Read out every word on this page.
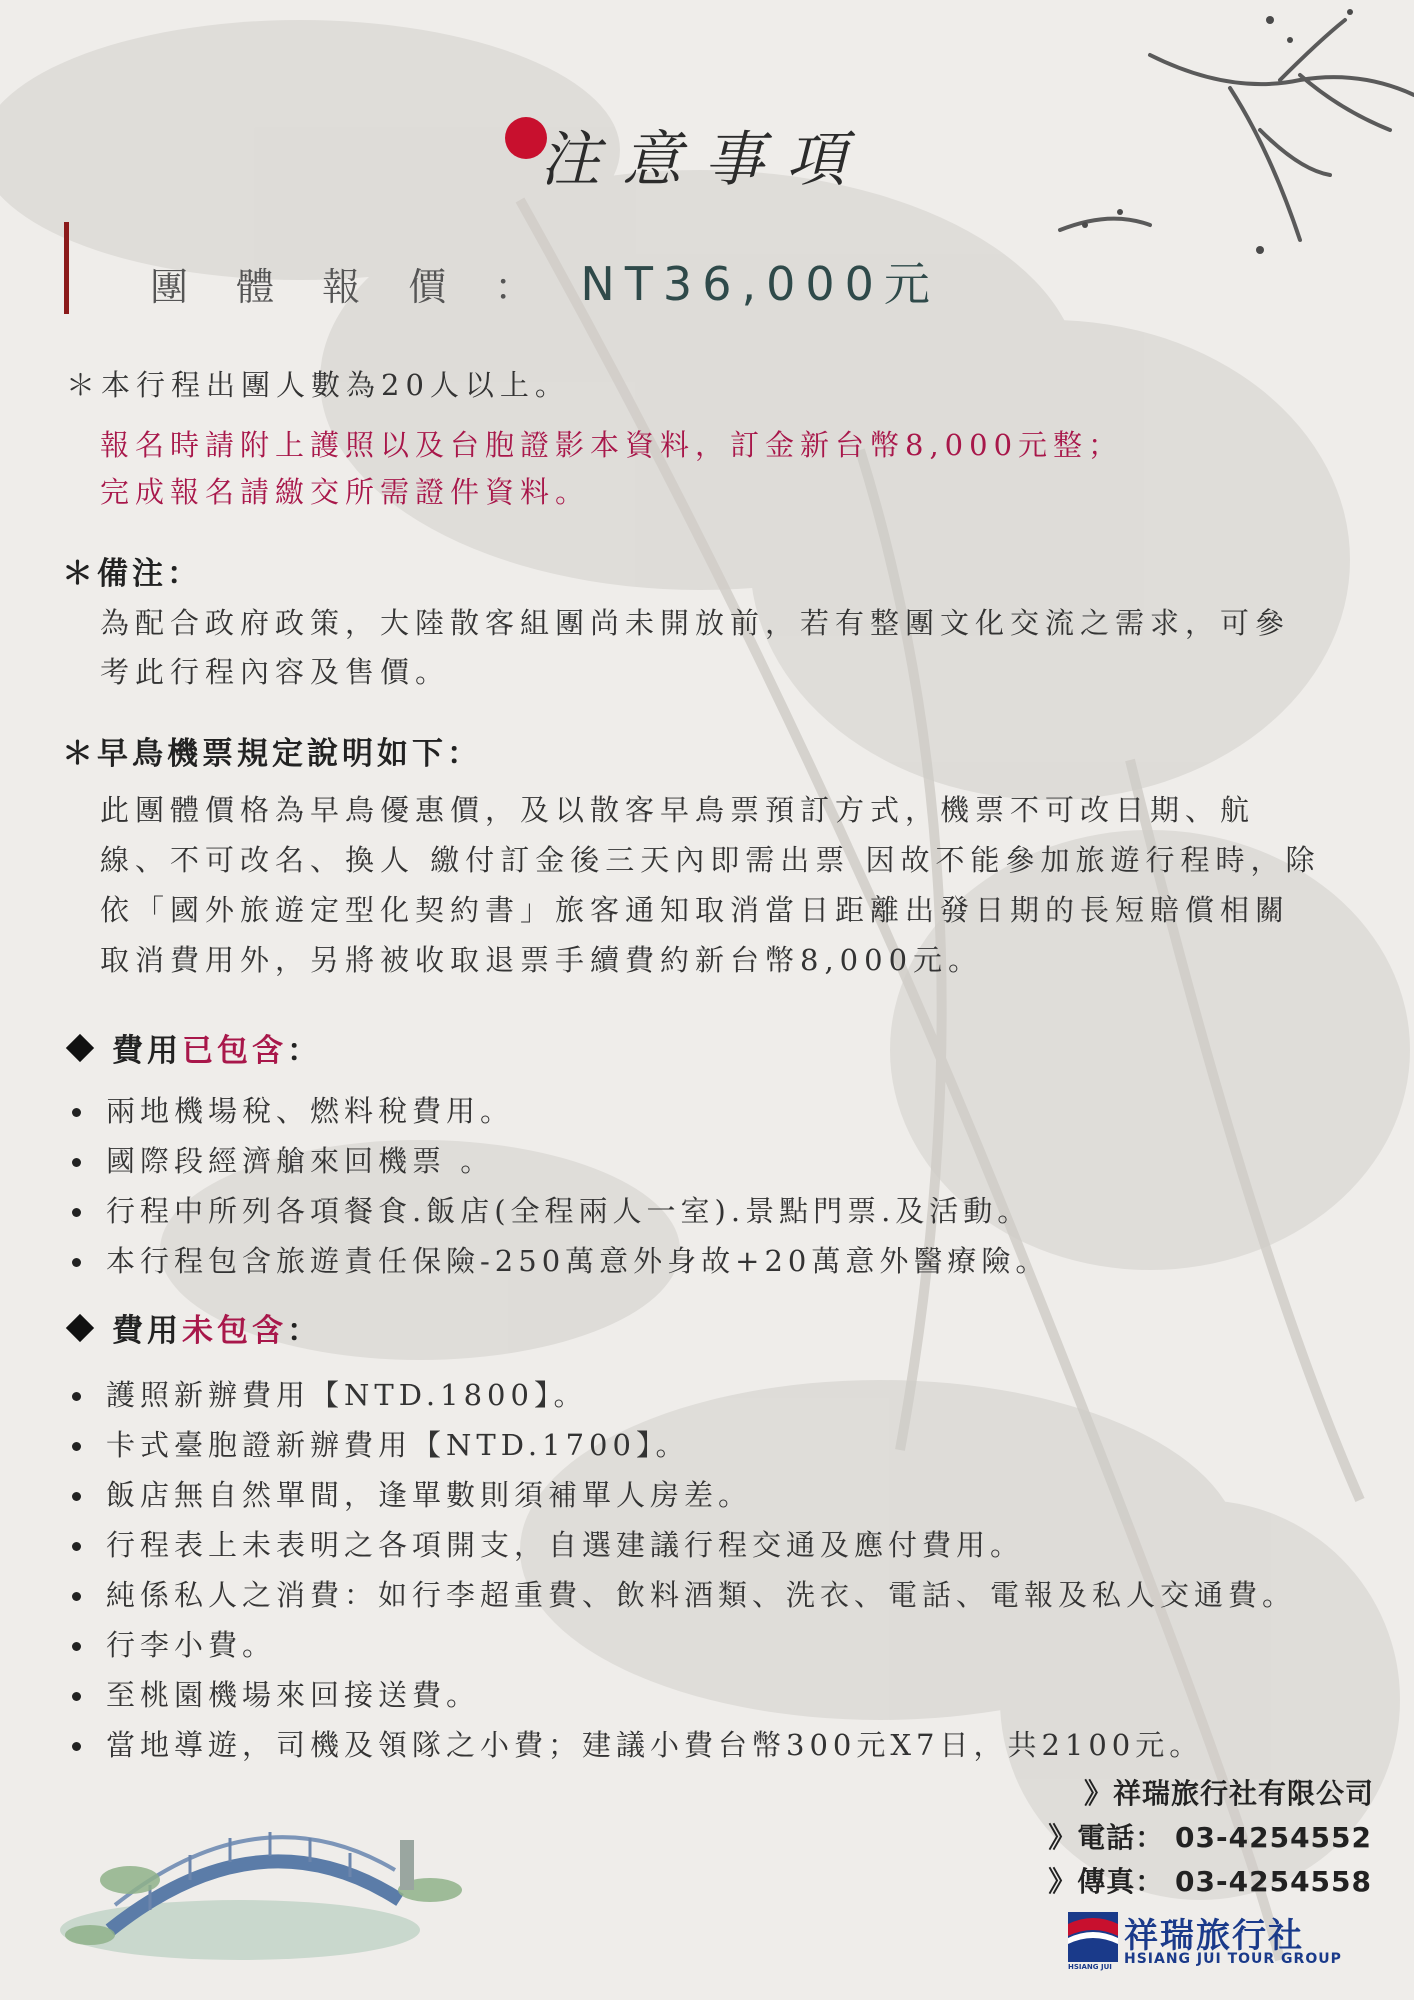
注意事項
團 體 報 價 ： NT36,000元
＊本行程出團人數為20人以上。
報名時請附上護照以及台胞證影本資料，訂金新台幣8,000元整；
完成報名請繳交所需證件資料。
＊備注：
為配合政府政策，大陸散客組團尚未開放前，若有整團文化交流之需求，可參
考此行程內容及售價。
＊早鳥機票規定說明如下：
此團體價格為早鳥優惠價，及以散客早鳥票預訂方式，機票不可改日期、航
線、不可改名、換人 繳付訂金後三天內即需出票 因故不能參加旅遊行程時，除
依「國外旅遊定型化契約書」旅客通知取消當日距離出發日期的長短賠償相關
取消費用外，另將被收取退票手續費約新台幣8,000元。
費用已包含：
兩地機場稅、燃料稅費用。
國際段經濟艙來回機票 。
行程中所列各項餐食.飯店(全程兩人一室).景點門票.及活動。
本行程包含旅遊責任保險-250萬意外身故+20萬意外醫療險。
費用未包含：
護照新辦費用【NTD.1800】。
卡式臺胞證新辦費用【NTD.1700】。
飯店無自然單間，逢單數則須補單人房差。
行程表上未表明之各項開支，自選建議行程交通及應付費用。
純係私人之消費：如行李超重費、飲料酒類、洗衣、電話、電報及私人交通費。
行李小費。
至桃園機場來回接送費。
當地導遊，司機及領隊之小費；建議小費台幣300元X7日，共2100元。
》祥瑞旅行社有限公司
》電話： 03-4254552
》傳真： 03-4254558
HSIANG JUI
祥瑞旅行社
HSIANG JUI TOUR GROUP
